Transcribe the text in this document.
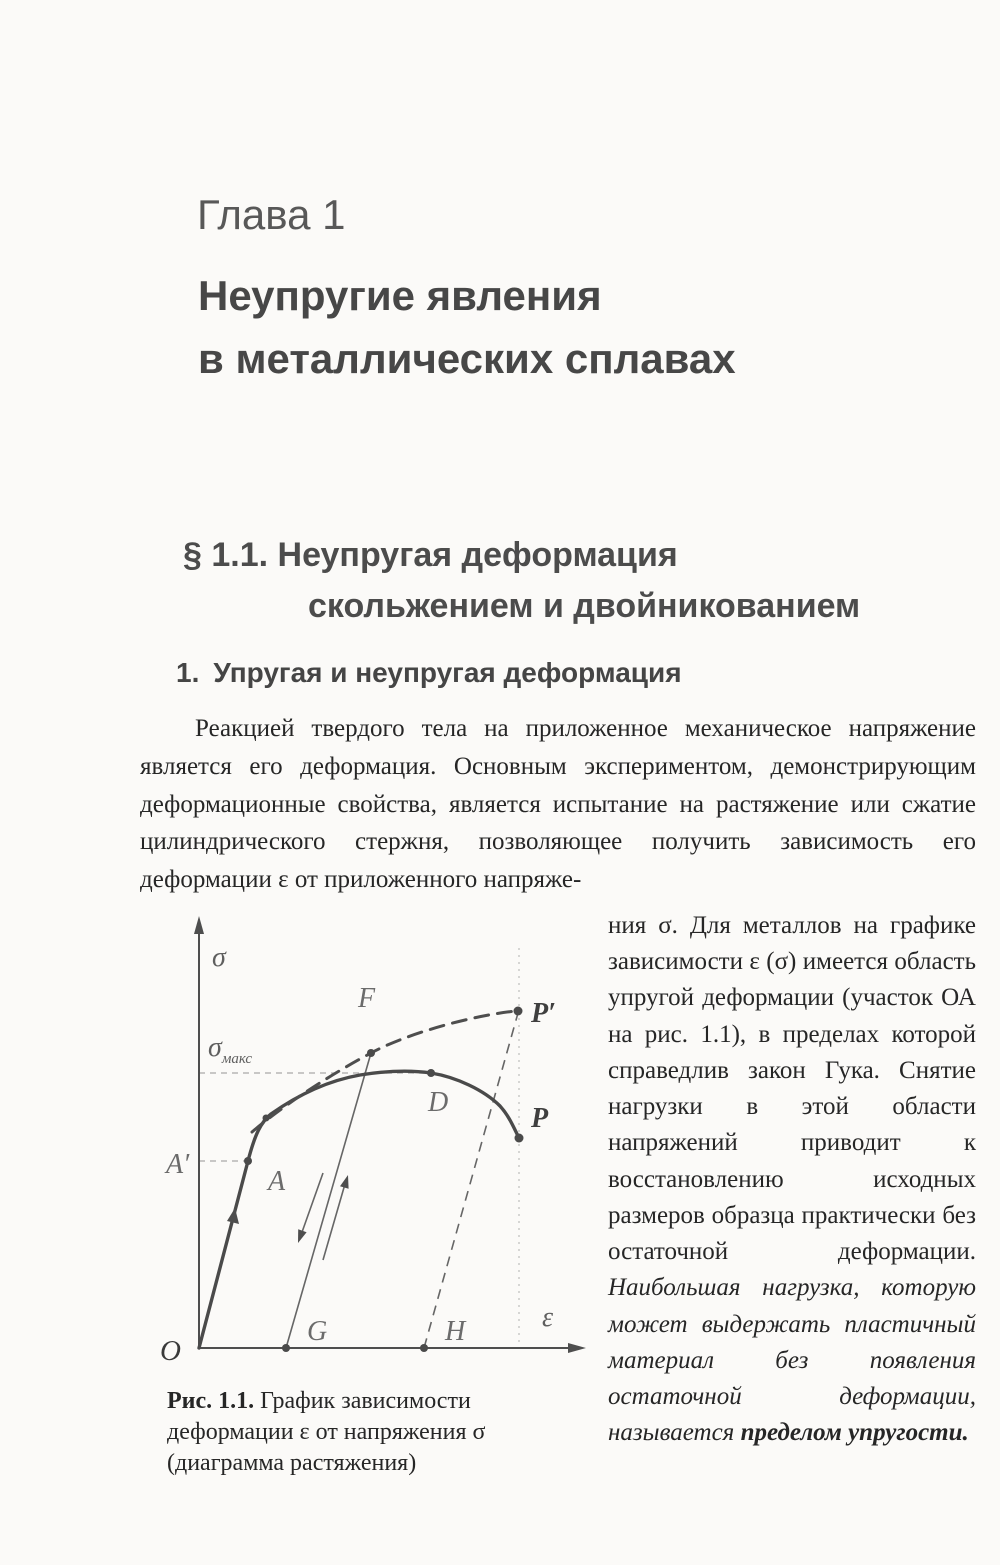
Глава 1
Неупругие явления
в металлических сплавах
§ 1.1. Неупругая деформация
скольжением и двойникованием
1. Упругая и неупругая деформация

Реакцией твердого тела на приложенное механическое напряжение является его деформация. Основным экспериментом, демонстрирующим деформационные свойства, является испытание на растяжение или сжатие цилиндрического стержня, позволяющее получить зависимость его деформации ε от приложенного напряже-

σ
ε
O
$\sigma_{макс}$
A′
A
F
D
P′
P
G	H
Рис. 1.1. График зависимости деформации ε от напряжения σ (диаграмма растяжения)
ния σ. Для металлов на графике зависимости ε (σ) имеется область упругой деформации (участок ОА на рис. 1.1), в пределах которой справедлив закон Гука. Снятие нагрузки в этой области напряжений приводит к восстановлению исходных размеров образца практически без остаточной деформации. Наибольшая нагрузка, которую может выдержать пластичный материал без появления остаточной деформации, называется пределом упругости.
